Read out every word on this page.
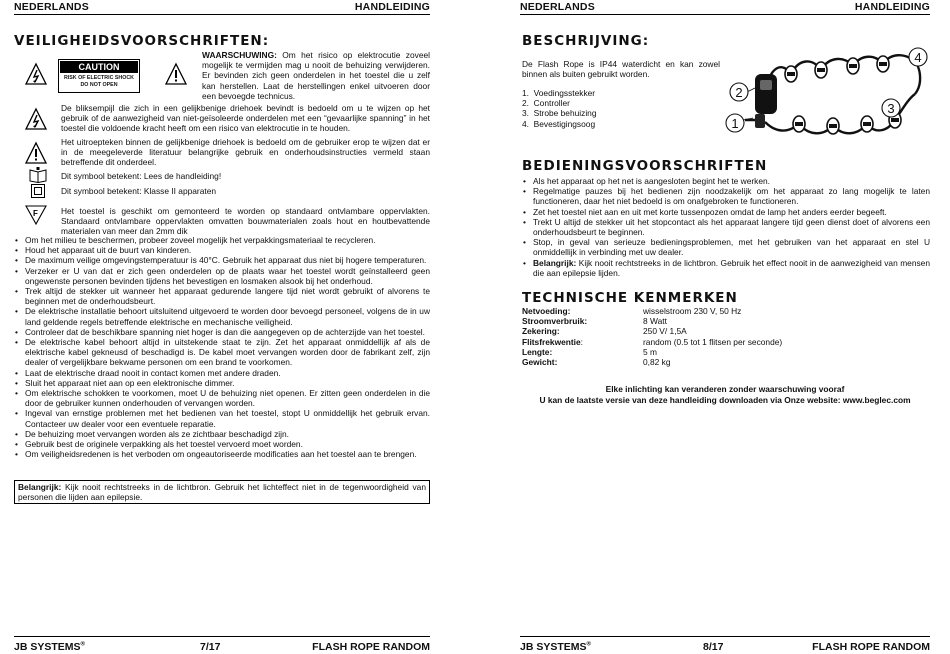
NEDERLANDS	HANDLEIDING
VEILIGHEIDSVOORSCHRIFTEN:
CAUTION
RISK OF ELECTRIC SHOCK
DO NOT OPEN
WAARSCHUWING: Om het risico op elektrocutie zoveel mogelijk te vermijden mag u nooit de behuizing verwijderen. Er bevinden zich geen onderdelen in het toestel die u zelf kan herstellen. Laat de herstellingen enkel uitvoeren door een bevoegde technicus.
De bliksempijl die zich in een gelijkbenige driehoek bevindt is bedoeld om u te wijzen op het gebruik of de aanwezigheid van niet-geïsoleerde onderdelen met een “gevaarlijke spanning” in het toestel die voldoende kracht heeft om een risico van elektrocutie in te houden.
Het uitroepteken binnen de gelijkbenige driehoek is bedoeld om de gebruiker erop te wijzen dat er in de meegeleverde literatuur belangrijke gebruik en onderhoudsinstructies vermeld staan betreffende dit onderdeel.
Dit symbool betekent: Lees de handleiding!
Dit symbool betekent: Klasse II apparaten
F	Het toestel is geschikt om gemonteerd te worden op standaard ontvlambare oppervlakten. Standaard ontvlambare oppervlakten omvatten bouwmaterialen zoals hout en houtbevattende materialen van meer dan 2mm dik
• Om het milieu te beschermen, probeer zoveel mogelijk het verpakkingsmateriaal te recycleren.
• Houd het apparaat uit de buurt van kinderen.
• De maximum veilige omgevingstemperatuur is 40°C. Gebruik het apparaat dus niet bij hogere temperaturen.
• Verzeker er U van dat er zich geen onderdelen op de plaats waar het toestel wordt geïnstalleerd geen ongewenste personen bevinden tijdens het bevestigen en losmaken alsook bij het onderhoud.
• Trek altijd de stekker uit wanneer het apparaat gedurende langere tijd niet wordt gebruikt of alvorens te beginnen met de onderhoudsbeurt.
• De elektrische installatie behoort uitsluitend uitgevoerd te worden door bevoegd personeel, volgens de in uw land geldende regels betreffende elektrische en mechanische veiligheid.
• Controleer dat de beschikbare spanning niet hoger is dan die aangegeven op de achterzijde van het toestel.
• De elektrische kabel behoort altijd in uitstekende staat te zijn. Zet het apparaat onmiddellijk af als de elektrische kabel gekneusd of beschadigd is. De kabel moet vervangen worden door de fabrikant zelf, zijn dealer of vergelijkbare bekwame personen om een brand te voorkomen.
• Laat de elektrische draad nooit in contact komen met andere draden.
• Sluit het apparaat niet aan op een elektronische dimmer.
• Om elektrische schokken te voorkomen, moet U de behuizing niet openen. Er zitten geen onderdelen in die door de gebruiker kunnen onderhouden of vervangen worden.
• Ingeval van ernstige problemen met het bedienen van het toestel, stopt U onmiddellijk het gebruik ervan. Contacteer uw dealer voor een eventuele reparatie.
• De behuizing moet vervangen worden als ze zichtbaar beschadigd zijn.
• Gebruik best de originele verpakking als het toestel vervoerd moet worden.
• Om veiligheidsredenen is het verboden om ongeautoriseerde modificaties aan het toestel aan te brengen.
Belangrijk: Kijk nooit rechtstreeks in de lichtbron. Gebruik het lichteffect niet in de tegenwoordigheid van personen die lijden aan epilepsie.
JB SYSTEMS®	7/17	FLASH ROPE RANDOM
NEDERLANDS	HANDLEIDING
BESCHRIJVING:
De Flash Rope is IP44 waterdicht en kan zowel binnen als buiten gebruikt worden.
1.  Voedingsstekker
2.  Controller
3.  Strobe behuizing
4.  Bevestigingsoog	1
2
3
4
BEDIENINGSVOORSCHRIFTEN
• Als het apparaat op het net is aangesloten begint het te werken.
• Regelmatige pauzes bij het bedienen zijn noodzakelijk om het apparaat zo lang mogelijk te laten functioneren, daar het niet bedoeld is om onafgebroken te functioneren.
• Zet het toestel niet aan en uit met korte tussenpozen omdat de lamp het anders eerder begeeft.
• Trekt U altijd de stekker uit het stopcontact als het apparaat langere tijd geen dienst doet of alvorens een onderhoudsbeurt te beginnen.
• Stop, in geval van serieuze bedieningsproblemen, met het gebruiken van het apparaat en stel U onmiddellijk in verbinding met uw dealer.
• Belangrijk: Kijk nooit rechtstreeks in de lichtbron. Gebruik het effect nooit in de aanwezigheid van mensen die aan epilepsie lijden.
TECHNISCHE KENMERKEN
Netvoeding:	wisselstroom 230 V, 50 Hz
Stroomverbruik:	8 Watt
Zekering:	250 V/ 1,5A
Flitsfrekwentie:	random (0.5 tot 1 flitsen per seconde)
Lengte:	5 m
Gewicht:	0,82 kg
Elke inlichting kan veranderen zonder waarschuwing vooraf
U kan de laatste versie van deze handleiding downloaden via Onze website: www.beglec.com
JB SYSTEMS®	8/17	FLASH ROPE RANDOM
